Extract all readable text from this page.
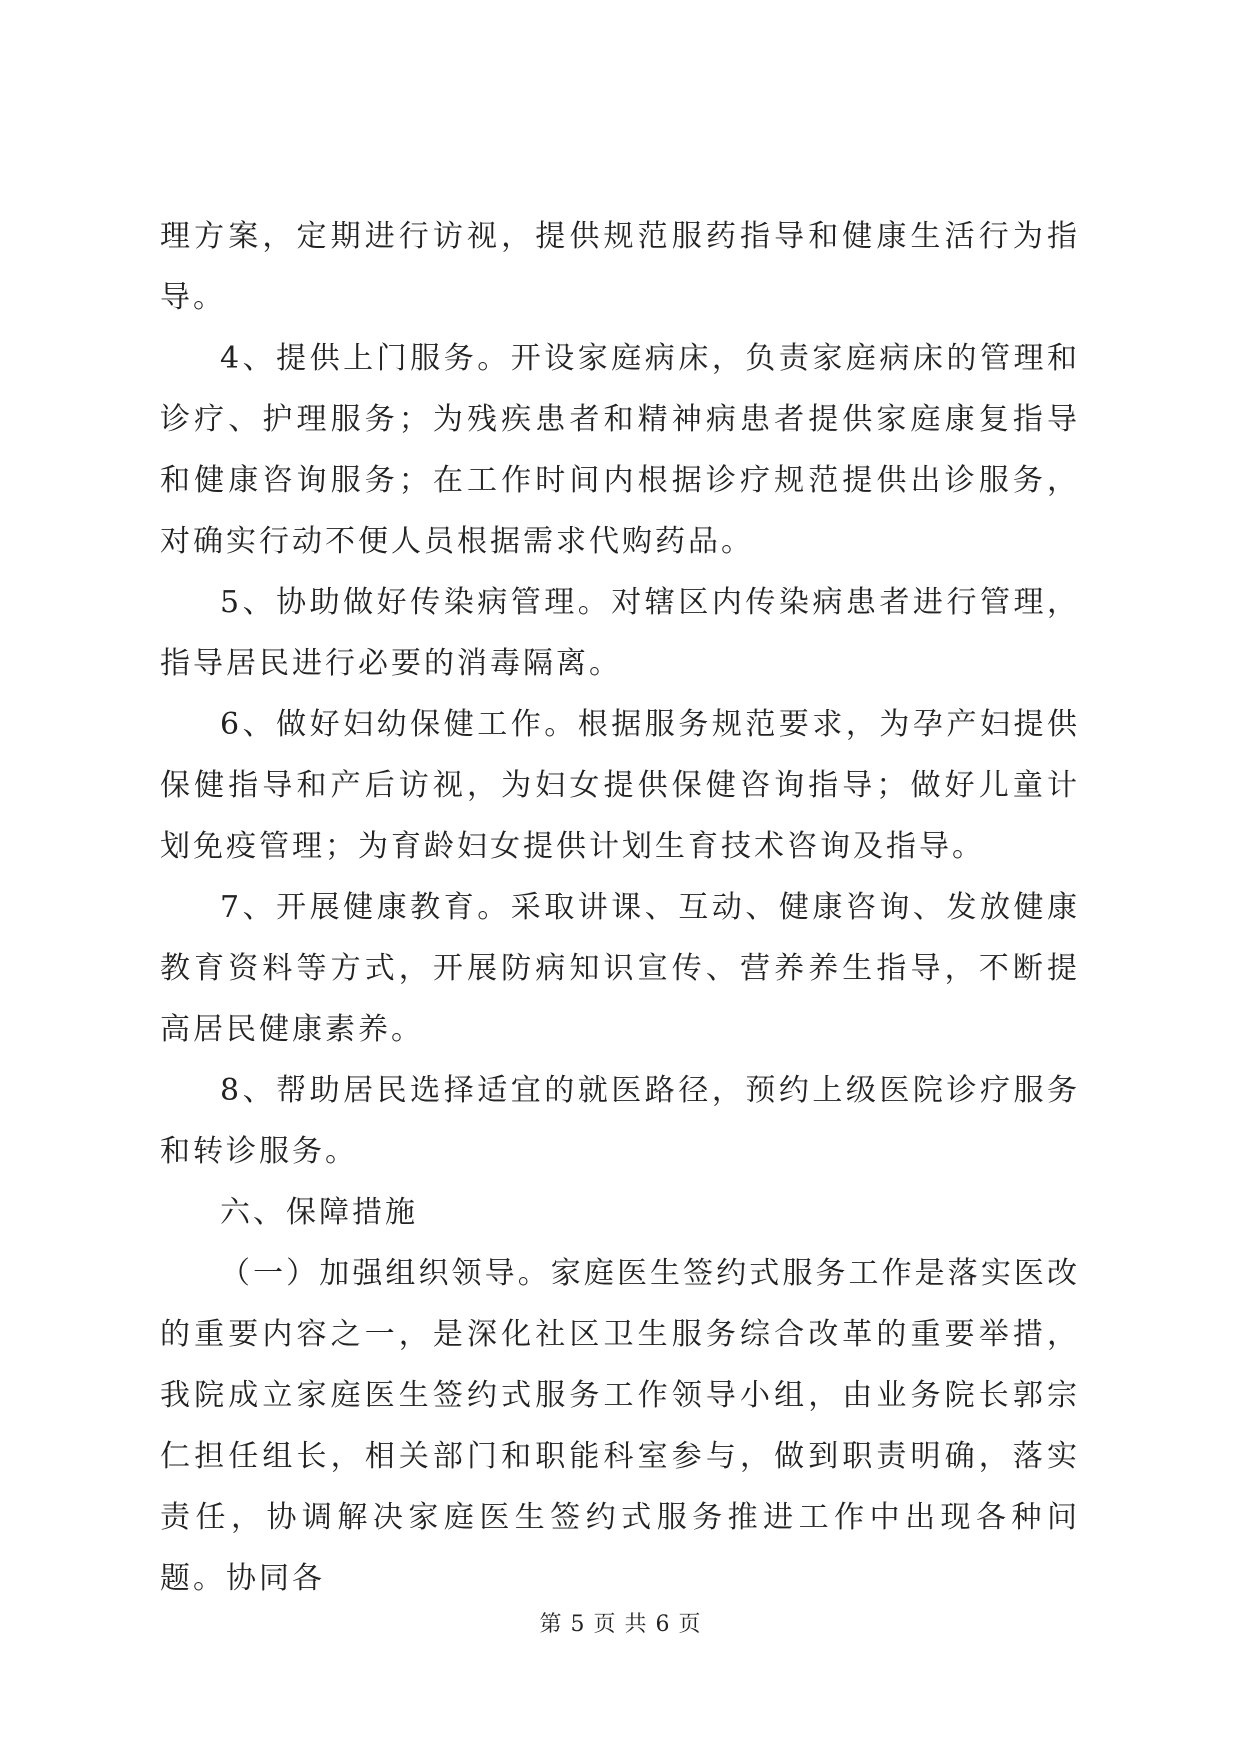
理方案，定期进行访视，提供规范服药指导和健康生活行为指导。

4、提供上门服务。开设家庭病床，负责家庭病床的管理和诊疗、护理服务；为残疾患者和精神病患者提供家庭康复指导和健康咨询服务；在工作时间内根据诊疗规范提供出诊服务，对确实行动不便人员根据需求代购药品。

5、协助做好传染病管理。对辖区内传染病患者进行管理，指导居民进行必要的消毒隔离。

6、做好妇幼保健工作。根据服务规范要求，为孕产妇提供保健指导和产后访视，为妇女提供保健咨询指导；做好儿童计划免疫管理；为育龄妇女提供计划生育技术咨询及指导。

7、开展健康教育。采取讲课、互动、健康咨询、发放健康教育资料等方式，开展防病知识宣传、营养养生指导，不断提高居民健康素养。

8、帮助居民选择适宜的就医路径，预约上级医院诊疗服务和转诊服务。

六、保障措施

（一）加强组织领导。家庭医生签约式服务工作是落实医改的重要内容之一，是深化社区卫生服务综合改革的重要举措，我院成立家庭医生签约式服务工作领导小组，由业务院长郭宗仁担任组长，相关部门和职能科室参与，做到职责明确，落实责任，协调解决家庭医生签约式服务推进工作中出现各种问题。协同各

第 5 页 共 6 页
